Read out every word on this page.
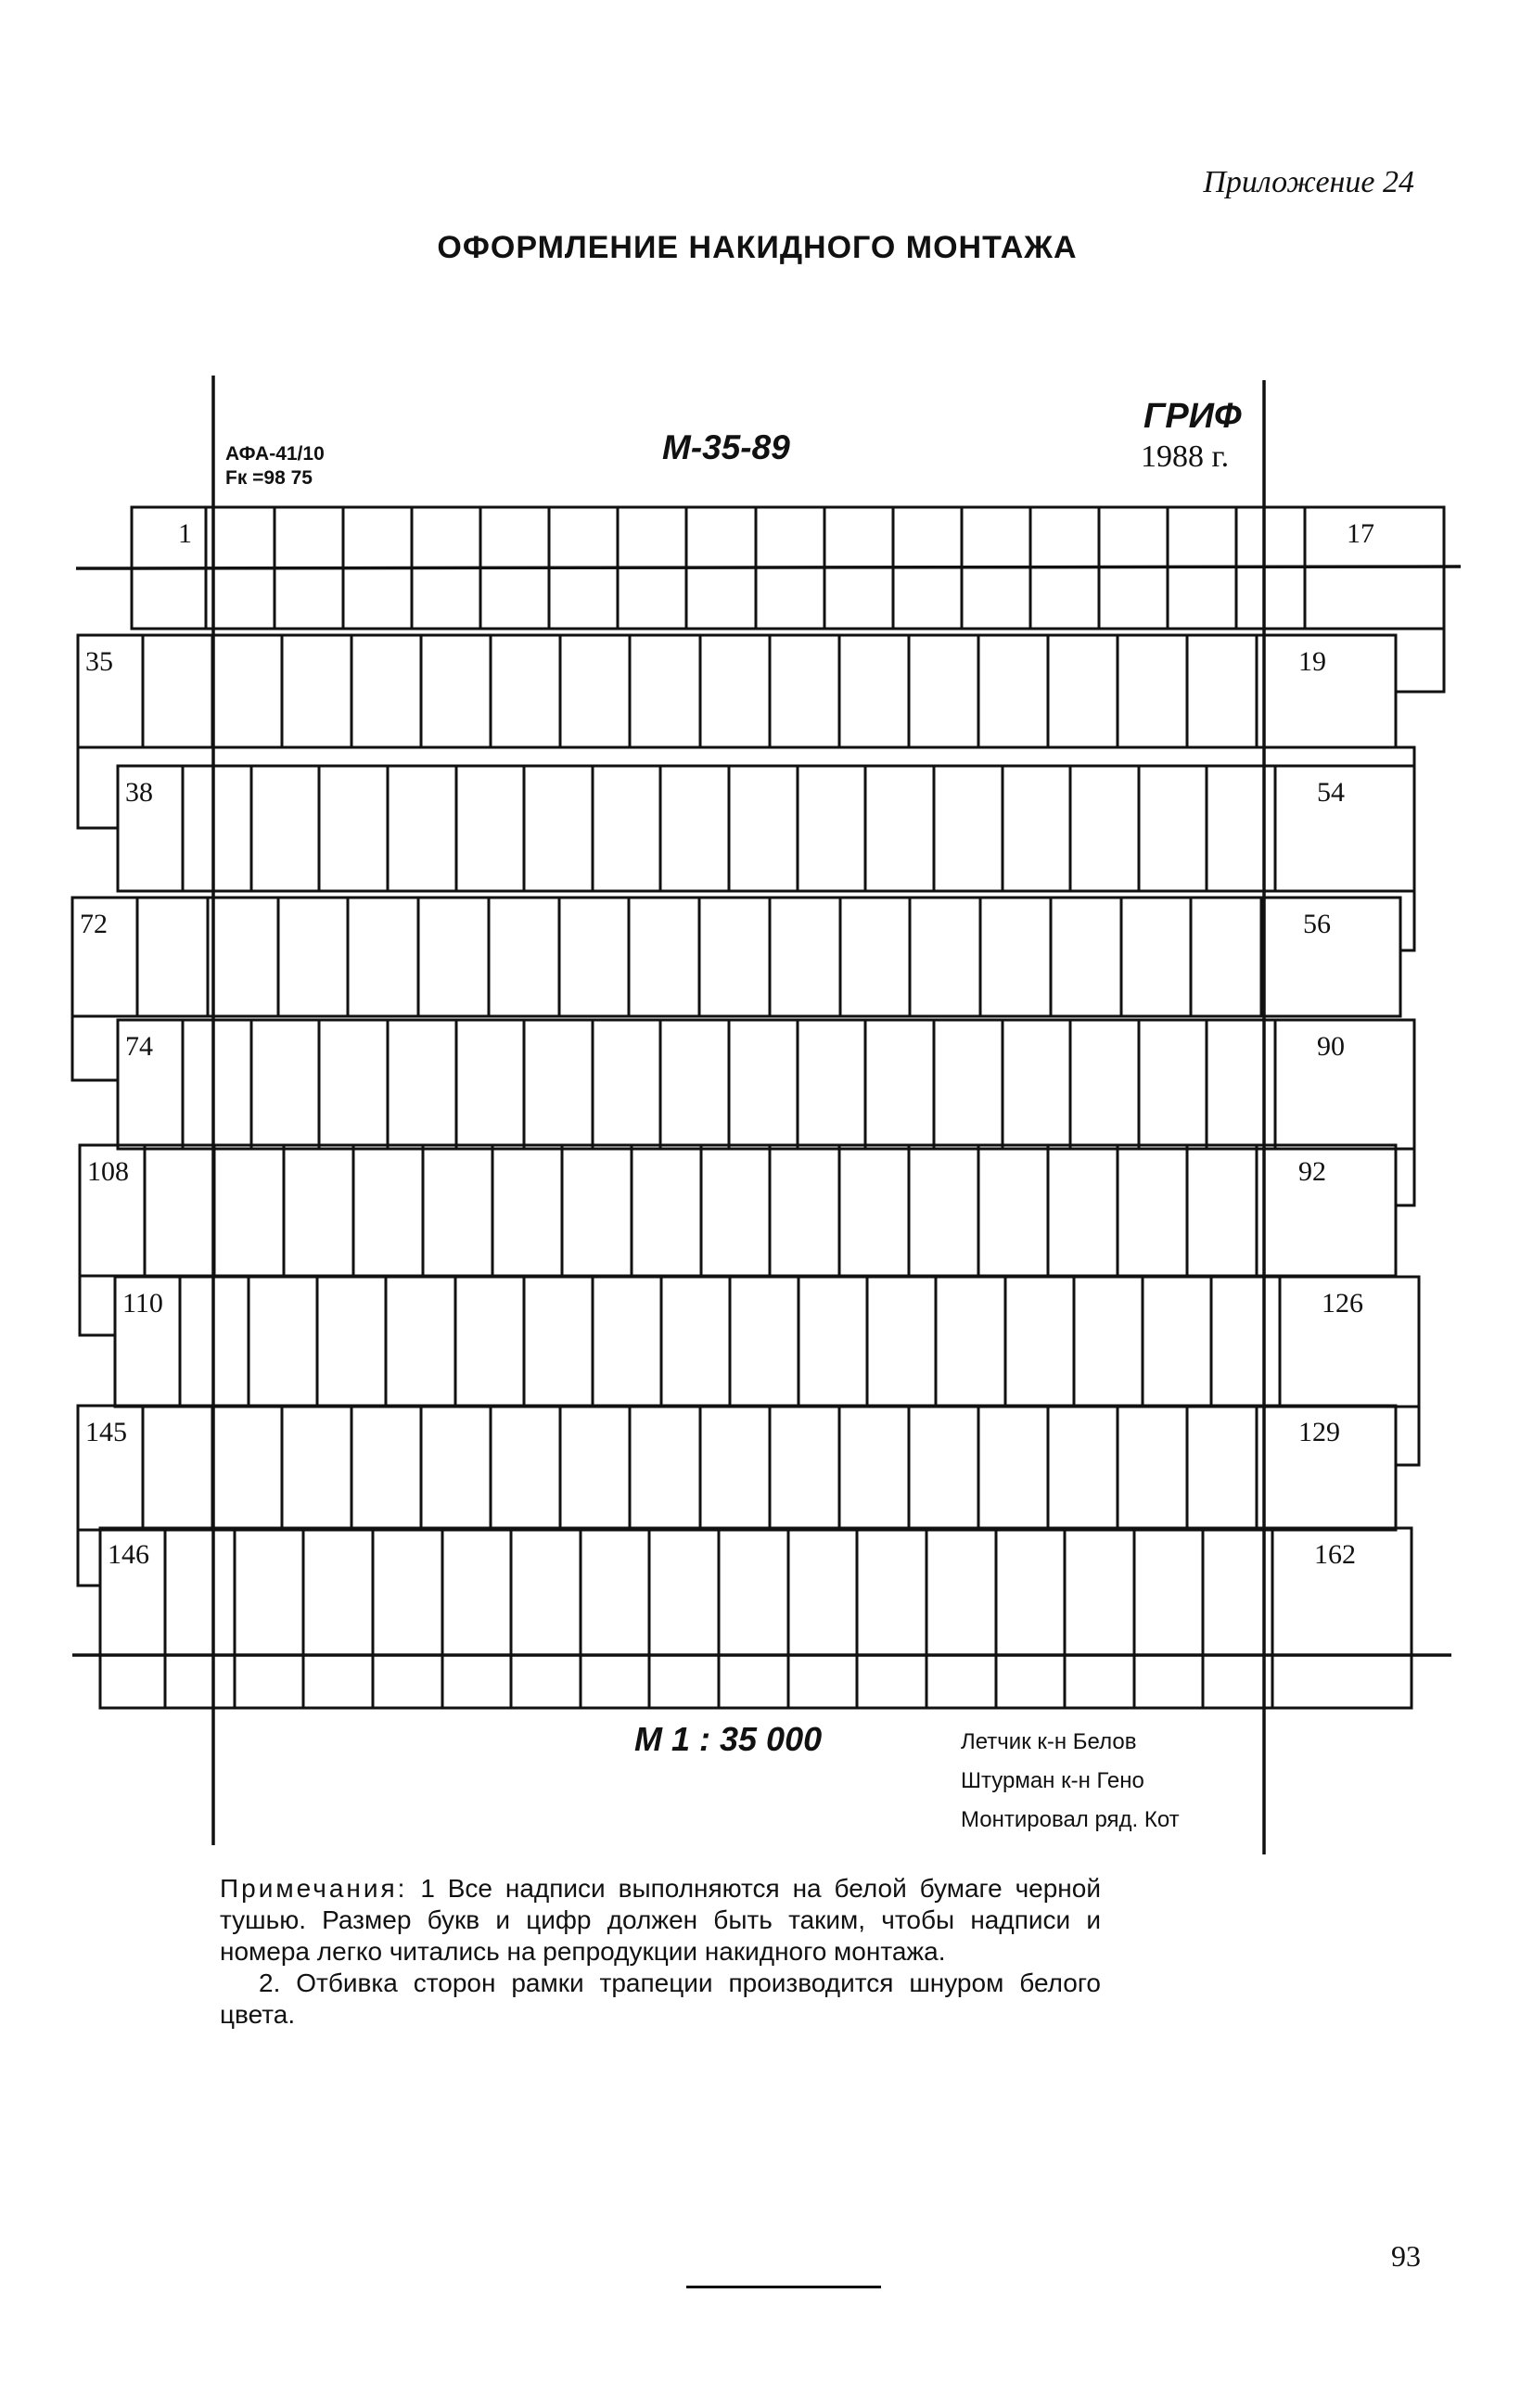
Приложение 24
ОФОРМЛЕНИЕ НАКИДНОГО МОНТАЖА
1	17
35	19
38	54
72	56
74	90
108	92
110	126
145	129
146	162
АФА-41/10
Fк =98 75
М-35-89
ГРИФ
1988 г.
М 1 : 35 000	Летчик к-н Белов
Штурман к-н Гено
Монтировал ряд. Кот

Примечания: 1 Все надписи выполняются на белой бумаге черной тушью. Размер букв и цифр должен быть таким, чтобы надписи и номера легко читались на репродукции накидного монтажа.

2. Отбивка сторон рамки трапеции производится шнуром белого цвета.

93
